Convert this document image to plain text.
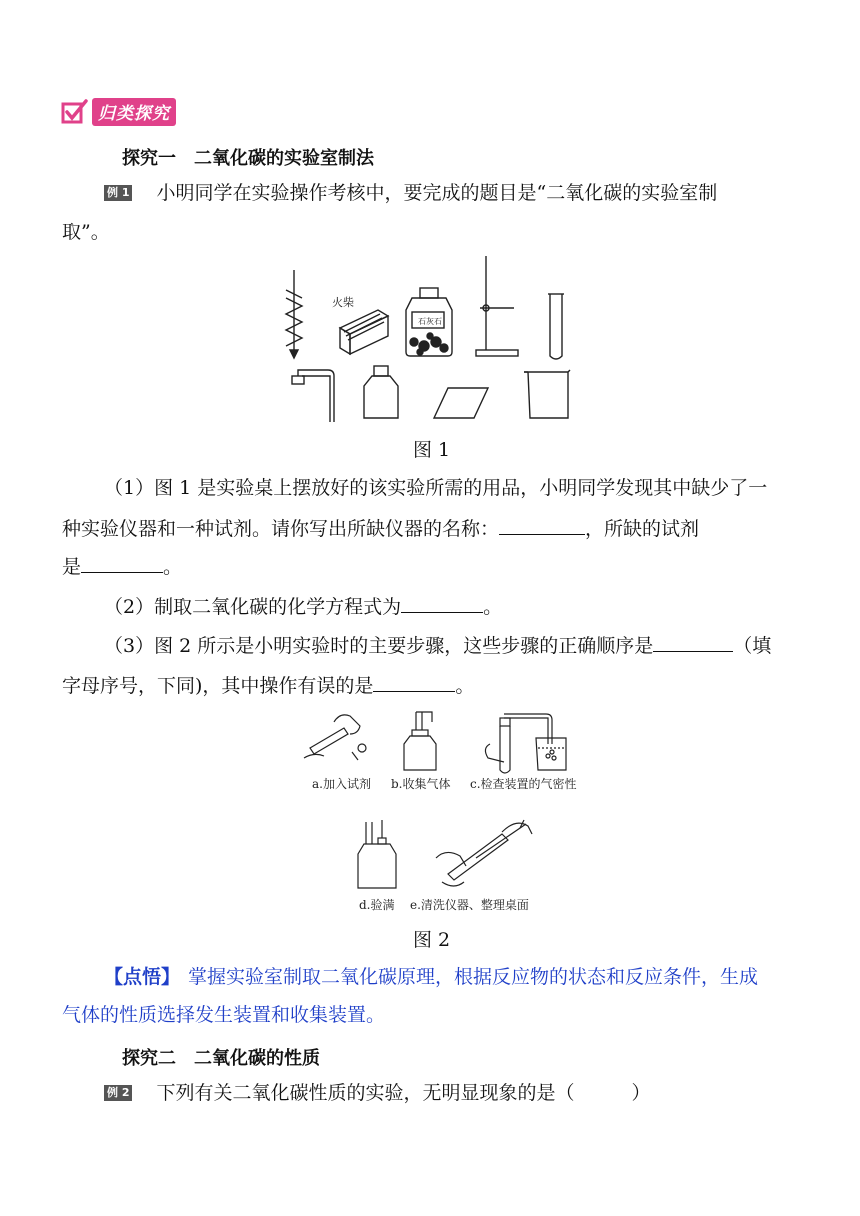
归类探究
探究一　二氧化碳的实验室制法
例 1 小明同学在实验操作考核中，要完成的题目是“二氧化碳的实验室制
取”。
火柴
石灰石
图 1
（1）图 1 是实验桌上摆放好的该实验所需的用品，小明同学发现其中缺少了一
种实验仪器和一种试剂。请你写出所缺仪器的名称：	，所缺的试剂
是	。
（2）制取二氧化碳的化学方程式为	。
（3）图 2 所示是小明实验时的主要步骤，这些步骤的正确顺序是	（填
字母序号，下同)，其中操作有误的是	。
a.加入试剂 b.收集气体 c.检查装置的气密性
d.验满 e.清洗仪器、整理桌面
图 2
【点悟】 掌握实验室制取二氧化碳原理，根据反应物的状态和反应条件，生成
气体的性质选择发生装置和收集装置。
探究二　二氧化碳的性质
例 2 下列有关二氧化碳性质的实验，无明显现象的是（　　　）
